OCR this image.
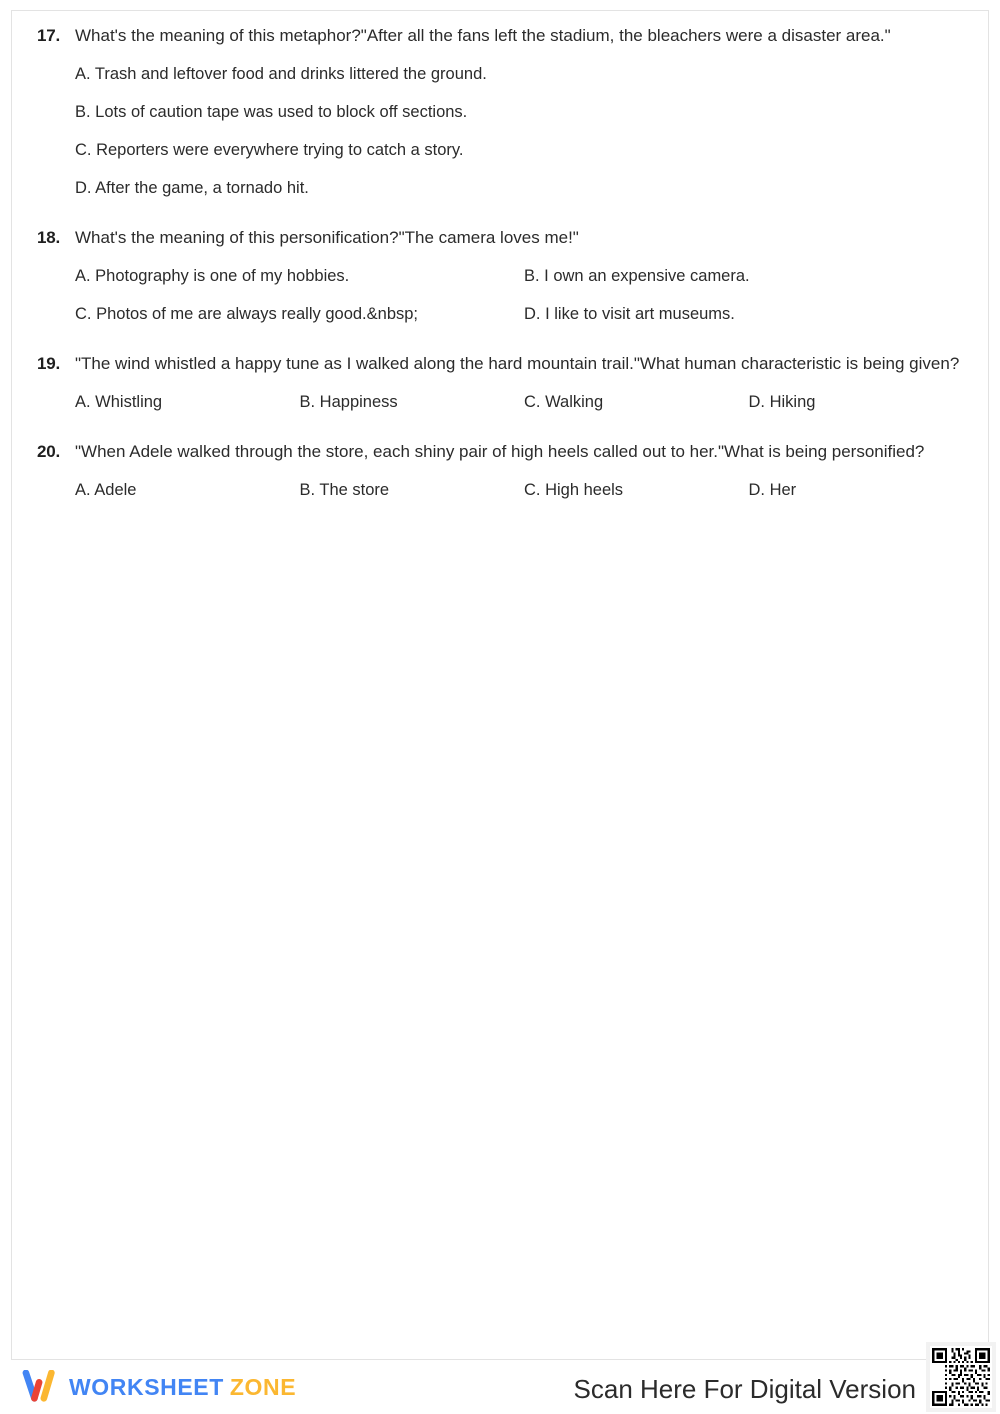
17. What's the meaning of this metaphor?"After all the fans left the stadium, the bleachers were a disaster area."

A. Trash and leftover food and drinks littered the ground.
B. Lots of caution tape was used to block off sections.
C. Reporters were everywhere trying to catch a story.
D. After the game, a tornado hit.
18. What's the meaning of this personification?"The camera loves me!"

A. Photography is one of my hobbies.	B. I own an expensive camera.
C. Photos of me are always really good.&nbsp;	D. I like to visit art museums.
19. "The wind whistled a happy tune as I walked along the hard mountain trail."What human characteristic is being given?

A. Whistling	B. Happiness	C. Walking	D. Hiking
20. "When Adele walked through the store, each shiny pair of high heels called out to her."What is being personified?

A. Adele	B. The store	C. High heels	D. Her
WORKSHEET ZONE	Scan Here For Digital Version
